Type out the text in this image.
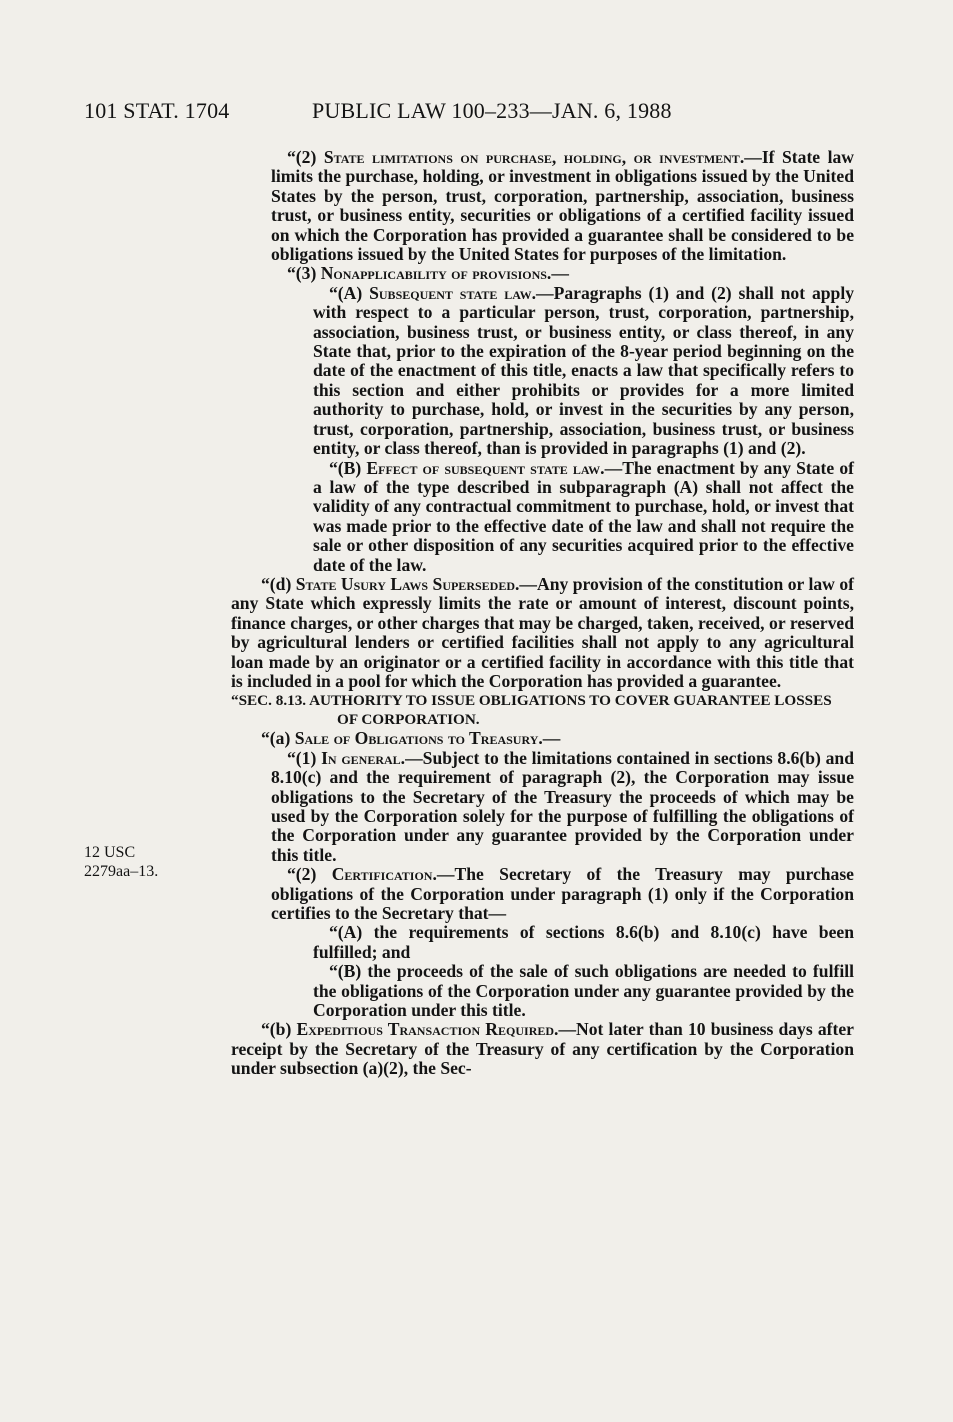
101 STAT. 1704	PUBLIC LAW 100–233—JAN. 6, 1988
12 USC
2279aa–13.

“(2) State limitations on purchase, holding, or investment.—If State law limits the purchase, holding, or investment in obligations issued by the United States by the person, trust, corporation, partnership, association, business trust, or business entity, securities or obligations of a certified facility issued on which the Corporation has provided a guarantee shall be considered to be obligations issued by the United States for purposes of the limitation.

“(3) Nonapplicability of provisions.—

“(A) Subsequent state law.—Paragraphs (1) and (2) shall not apply with respect to a particular person, trust, corporation, partnership, association, business trust, or business entity, or class thereof, in any State that, prior to the expiration of the 8-year period beginning on the date of the enactment of this title, enacts a law that specifically refers to this section and either prohibits or provides for a more limited authority to purchase, hold, or invest in the securities by any person, trust, corporation, partnership, association, business trust, or business entity, or class thereof, than is provided in paragraphs (1) and (2).

“(B) Effect of subsequent state law.—The enactment by any State of a law of the type described in subparagraph (A) shall not affect the validity of any contractual commitment to purchase, hold, or invest that was made prior to the effective date of the law and shall not require the sale or other disposition of any securities acquired prior to the effective date of the law.

“(d) State Usury Laws Superseded.—Any provision of the constitution or law of any State which expressly limits the rate or amount of interest, discount points, finance charges, or other charges that may be charged, taken, received, or reserved by agricultural lenders or certified facilities shall not apply to any agricultural loan made by an originator or a certified facility in accordance with this title that is included in a pool for which the Corporation has provided a guarantee.

“SEC. 8.13. AUTHORITY TO ISSUE OBLIGATIONS TO COVER GUARANTEE LOSSES OF CORPORATION.

“(a) Sale of Obligations to Treasury.—

“(1) In general.—Subject to the limitations contained in sections 8.6(b) and 8.10(c) and the requirement of paragraph (2), the Corporation may issue obligations to the Secretary of the Treasury the proceeds of which may be used by the Corporation solely for the purpose of fulfilling the obligations of the Corporation under any guarantee provided by the Corporation under this title.

“(2) Certification.—The Secretary of the Treasury may purchase obligations of the Corporation under paragraph (1) only if the Corporation certifies to the Secretary that—

“(A) the requirements of sections 8.6(b) and 8.10(c) have been fulfilled; and

“(B) the proceeds of the sale of such obligations are needed to fulfill the obligations of the Corporation under any guarantee provided by the Corporation under this title.

“(b) Expeditious Transaction Required.—Not later than 10 business days after receipt by the Secretary of the Treasury of any certification by the Corporation under subsection (a)(2), the Sec-
